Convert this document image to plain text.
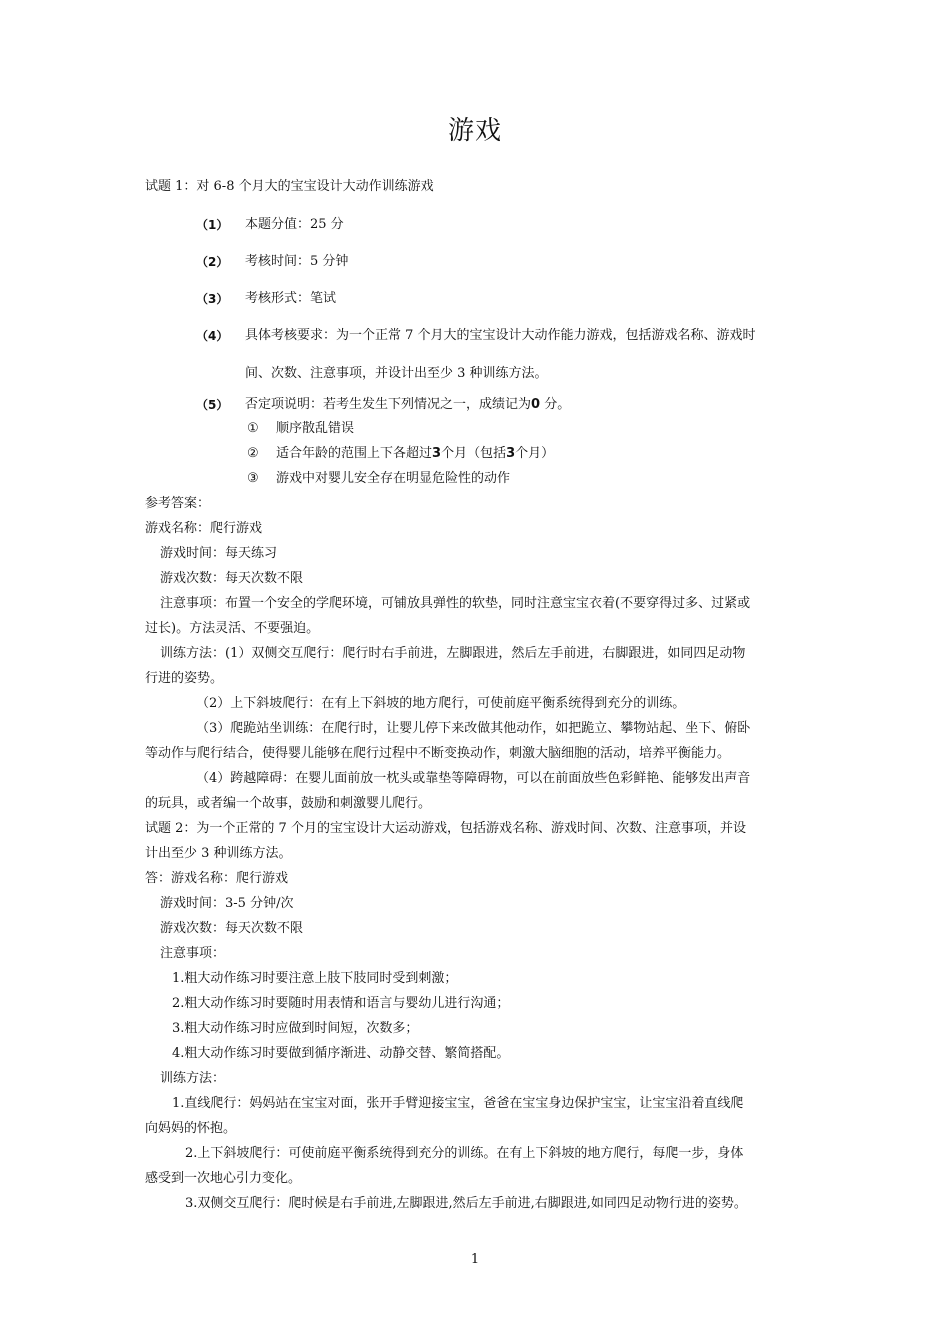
游戏
试题 1：对 6-8 个月大的宝宝设计大动作训练游戏
（1） 本题分值：25 分
（2） 考核时间：5 分钟
（3） 考核形式：笔试
（4） 具体考核要求：为一个正常 7 个月大的宝宝设计大动作能力游戏，包括游戏名称、游戏时
间、次数、注意事项，并设计出至少 3 种训练方法。
（5） 否定项说明：若考生发生下列情况之一，成绩记为0 分。
① 顺序散乱错误
② 适合年龄的范围上下各超过3个月（包括3个月）
③ 游戏中对婴儿安全存在明显危险性的动作
参考答案：
游戏名称：爬行游戏
游戏时间：每天练习
游戏次数：每天次数不限
注意事项：布置一个安全的学爬环境，可铺放具弹性的软垫，同时注意宝宝衣着(不要穿得过多、过紧或
过长)。方法灵活、不要强迫。
训练方法：(1）双侧交互爬行：爬行时右手前进，左脚跟进，然后左手前进，右脚跟进，如同四足动物
行进的姿势。
（2）上下斜坡爬行：在有上下斜坡的地方爬行，可使前庭平衡系统得到充分的训练。
（3）爬跪站坐训练：在爬行时，让婴儿停下来改做其他动作，如把跪立、攀物站起、坐下、俯卧
等动作与爬行结合，使得婴儿能够在爬行过程中不断变换动作，刺激大脑细胞的活动，培养平衡能力。
（4）跨越障碍：在婴儿面前放一枕头或靠垫等障碍物，可以在前面放些色彩鲜艳、能够发出声音
的玩具，或者编一个故事，鼓励和刺激婴儿爬行。
试题 2：为一个正常的 7 个月的宝宝设计大运动游戏，包括游戏名称、游戏时间、次数、注意事项，并设
计出至少 3 种训练方法。
答：游戏名称：爬行游戏
游戏时间：3-5 分钟/次
游戏次数：每天次数不限
注意事项：
1.粗大动作练习时要注意上肢下肢同时受到刺激；
2.粗大动作练习时要随时用表情和语言与婴幼儿进行沟通；
3.粗大动作练习时应做到时间短，次数多；
4.粗大动作练习时要做到循序渐进、动静交替、繁简搭配。
训练方法：
1.直线爬行：妈妈站在宝宝对面，张开手臂迎接宝宝，爸爸在宝宝身边保护宝宝，让宝宝沿着直线爬
向妈妈的怀抱。
2.上下斜坡爬行：可使前庭平衡系统得到充分的训练。在有上下斜坡的地方爬行，每爬一步，身体
感受到一次地心引力变化。
3.双侧交互爬行：爬时候是右手前进,左脚跟进,然后左手前进,右脚跟进,如同四足动物行进的姿势。
1
